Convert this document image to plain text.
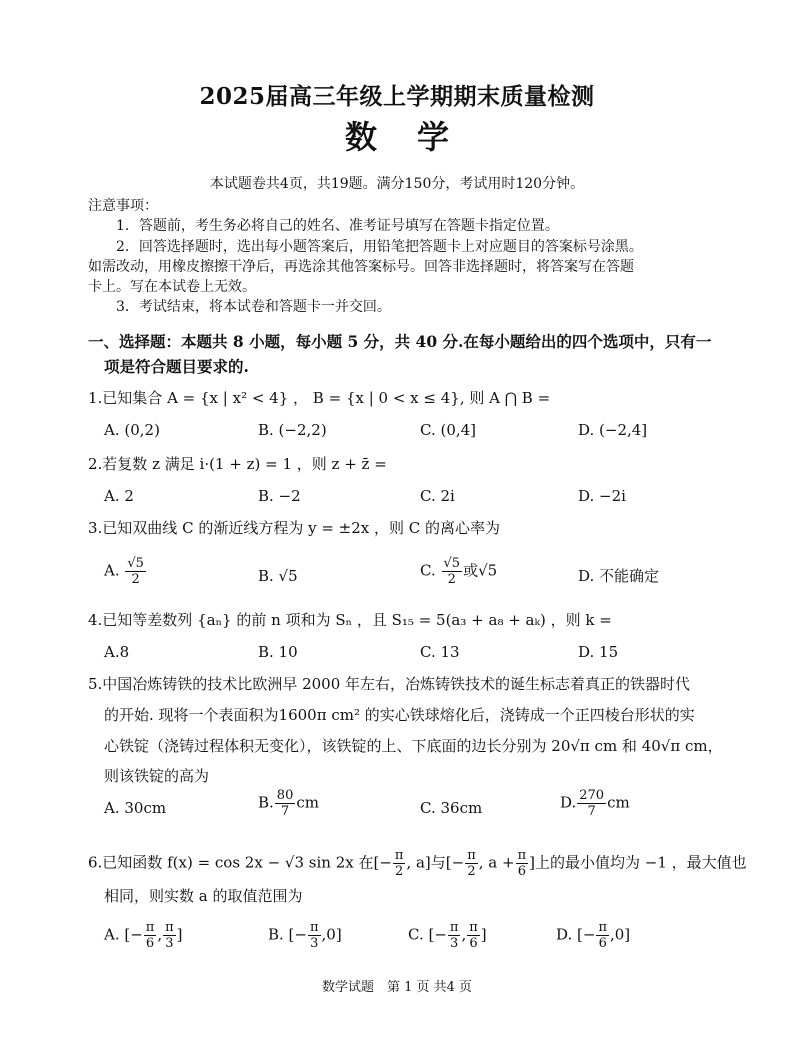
2025届高三年级上学期期末质量检测
数学
本试题卷共4页，共19题。满分150分，考试用时120分钟。
注意事项：
1．答题前，考生务必将自己的姓名、准考证号填写在答题卡指定位置。
2．回答选择题时，选出每小题答案后，用铅笔把答题卡上对应题目的答案标号涂黑。
如需改动，用橡皮擦擦干净后，再选涂其他答案标号。回答非选择题时，将答案写在答题
卡上。写在本试卷上无效。
3．考试结束，将本试卷和答题卡一并交回。
一、选择题：本题共 8 小题，每小题 5 分，共 40 分.在每小题给出的四个选项中，只有一
项是符合题目要求的.
1.已知集合 A = {x | x² < 4} ， B = {x | 0 < x ≤ 4}, 则 A ⋂ B =
A. (0,2)	B. (−2,2)	C. (0,4]	D. (−2,4]
2.若复数 z 满足 i·(1 + z) = 1 ，则 z + z̄ =
A. 2	B. −2	C. 2i	D. −2i
3.已知双曲线 C 的渐近线方程为 y = ±2x ，则 C 的离心率为
A. $\frac{√5}{2}$	B. √5	C. $\frac{√5}{2}$ 或√5	D. 不能确定
4.已知等差数列 {aₙ} 的前 n 项和为 Sₙ ，且 S₁₅ = 5(a₃ + a₈ + aₖ) ，则 k =
A.8	B. 10	C. 13	D. 15
5.中国冶炼铸铁的技术比欧洲早 2000 年左右，冶炼铸铁技术的诞生标志着真正的铁器时代
的开始. 现将一个表面积为1600π cm² 的实心铁球熔化后，浇铸成一个正四棱台形状的实
心铁锭（浇铸过程体积无变化），该铁锭的上、下底面的边长分别为 20√π cm 和 40√π cm，
则该铁锭的高为
A. 30cm	B. $\frac{80}{7}$ cm	C. 36cm	D. $\frac{270}{7}$ cm
6.已知函数 f(x) = cos 2x − √3 sin 2x 在[− $\frac{\pi}{2}$ , a]与[− $\frac{\pi}{2}$ , $a + \frac{\pi}{6}$ ]上的最小值均为 −1 ，最大值也
相同，则实数 a 的取值范围为
A. [− $\frac{\pi}{6}$ , $\frac{\pi}{3}$ ]	B. [− $\frac{\pi}{3} ,0$]	C. [− $\frac{\pi}{3}$ , $\frac{\pi}{6}$ ]	D. [− $\frac{\pi}{6} ,0$]
数学试题　第 1 页 共4 页
